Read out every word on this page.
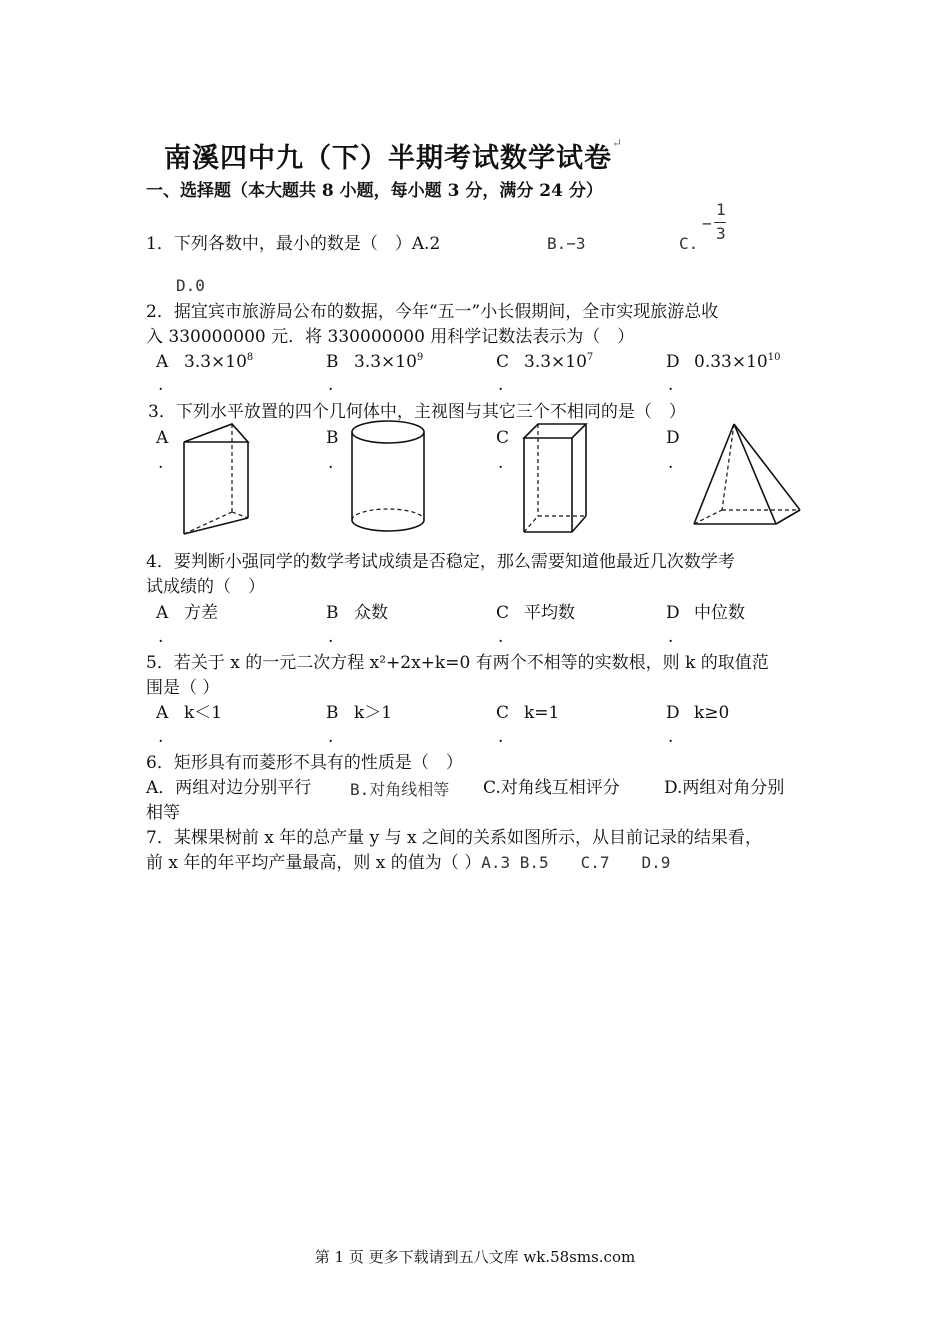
南溪四中九（下）半期考试数学试卷↵
一、选择题（本大题共 8 小题，每小题 3 分，满分 24 分）
1．下列各数中，最小的数是（　）A.2	B.−3	C.
−
1
3
D.0
2．据宜宾市旅游局公布的数据，今年“五一”小长假期间，全市实现旅游总收
入 330000000 元．将 330000000 用科学记数法表示为（　）
A $3.3\times 10^8$	B $3.3\times 10^9$	C $3.3\times 10^7$	D $0.33\times 10^{10}$
.	.	.	.
3．下列水平放置的四个几何体中，主视图与其它三个不相同的是（　）
A	B	C	D
.	.	.	.
4．要判断小强同学的数学考试成绩是否稳定，那么需要知道他最近几次数学考
试成绩的（　）
A 方差	B 众数	C 平均数	D 中位数
.	.	.	.
5．若关于 x 的一元二次方程 x²+2x+k=0 有两个不相等的实数根，则 k 的取值范
围是（ ）
A k＜1	B k＞1	C k=1	D k≥0
.	.	.	.
6．矩形具有而菱形不具有的性质是（　）
A．两组对边分别平行 B.对角线相等 C.对角线互相评分	D.两组对角分别
相等
7．某棵果树前 x 年的总产量 y 与 x 之间的关系如图所示，从目前记录的结果看，
前 x 年的年平均产量最高，则 x 的值为（ ）A.3 B.5　　C.7　　D.9
第 1 页 更多下载请到五八文库 wk.58sms.com
